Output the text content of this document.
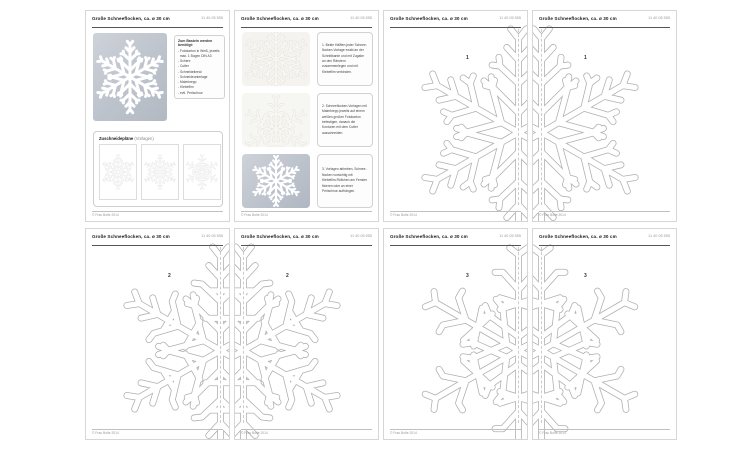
Große Schneeflocken, ca. ø 30 cm	11 40 05 555
Zum Basteln werden benötigt:
- Fotokarton in Weiß, jeweils
max. 1 Bogen DIN A3
- Schere
- Cutter
- Schneidelineal
- Schneideunterlage
- Malerkrepp
- Klebefilm
- evtl. Perlschnur
Zuschneidepläne (Vorlagen)
© Frau Bolte 2014
Große Schneeflocken, ca. ø 30 cm	11 40 05 555
1. Beide Hälften jeder Schneeflocken-Vorlage exakt an der Schnittkante und mit Zugabe an den Rändern zusammenlegen und mit Klebefilm verbinden.
2. Schneeflocken-Vorlagen mit Malerkrepp jeweils auf einem weißen großen Fotokarton befestigen, danach die Konturen mit dem Cutter ausschneiden.
3. Vorlagen abheben, Schneeflocken vorsichtig mit Klebefilm-Röllchen am Fenster fixieren oder an einer Perlschnur aufhängen.
© Frau Bolte 2014
Große Schneeflocken, ca. ø 30 cm	11 40 05 555
1
© Frau Bolte 2014
Große Schneeflocken, ca. ø 30 cm	11 40 05 555
1
© Frau Bolte 2014
Große Schneeflocken, ca. ø 30 cm	11 40 05 555
2
© Frau Bolte 2014
Große Schneeflocken, ca. ø 30 cm	11 40 05 555
2
© Frau Bolte 2014
Große Schneeflocken, ca. ø 30 cm	11 40 05 555
3
© Frau Bolte 2014
Große Schneeflocken, ca. ø 30 cm	11 40 05 555
3
© Frau Bolte 2014
